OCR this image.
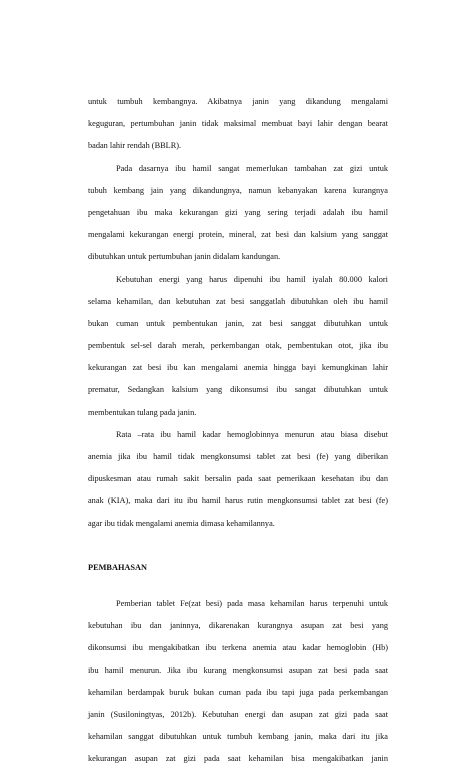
untuk tumbuh kembangnya. Akibatnya janin yang dikandung mengalami
keguguran, pertumbuhan janin tidak maksimal membuat bayi lahir dengan bearat
badan lahir rendah (BBLR).
Pada dasarnya ibu hamil sangat memerlukan tambahan zat gizi untuk
tubuh kembang jain yang dikandungnya, namun kebanyakan karena kurangnya
pengetahuan ibu maka kekurangan gizi yang sering terjadi adalah ibu hamil
mengalami kekurangan energi protein, mineral, zat besi dan kalsium yang sanggat
dibutuhkan untuk pertumbuhan janin didalam kandungan.
Kebutuhan energi yang harus dipenuhi ibu hamil iyalah 80.000 kalori
selama kehamilan, dan kebutuhan zat besi sanggatlah dibutuhkan oleh ibu hamil
bukan cuman untuk pembentukan janin, zat besi sanggat dibutuhkan untuk
pembentuk sel-sel darah merah, perkembangan otak, pembentukan otot, jika ibu
kekurangan zat besi ibu kan mengalami anemia hingga bayi kemungkinan lahir
prematur, Sedangkan kalsium yang dikonsumsi ibu sangat dibutuhkan untuk
membentukan tulang pada janin.
Rata –rata ibu hamil kadar hemoglobinnya menurun atau biasa disebut
anemia jika ibu hamil tidak mengkonsumsi tablet zat besi (fe) yang diberikan
dipuskesman atau rumah sakit bersalin pada saat pemerikaan kesehatan ibu dan
anak (KIA), maka dari itu ibu hamil harus rutin mengkonsumsi tablet zat besi (fe)
agar ibu tidak mengalami anemia dimasa kehamilannya.
PEMBAHASAN
Pemberian tablet Fe(zat besi) pada masa kehamilan harus terpenuhi untuk
kebutuhan ibu dan janinnya, dikarenakan kurangnya asupan zat besi yang
dikonsumsi ibu mengakibatkan ibu terkena anemia atau kadar hemoglobin (Hb)
ibu hamil menurun. Jika ibu kurang mengkonsumsi asupan zat besi pada saat
kehamilan berdampak buruk bukan cuman pada ibu tapi juga pada perkembangan
janin (Susiloningtyas, 2012b). Kebutuhan energi dan asupan zat gizi pada saat
kehamilan sanggat dibutuhkan untuk tumbuh kembang janin, maka dari itu jika
kekurangan asupan zat gizi pada saat kehamilan bisa mengakibatkan janin
